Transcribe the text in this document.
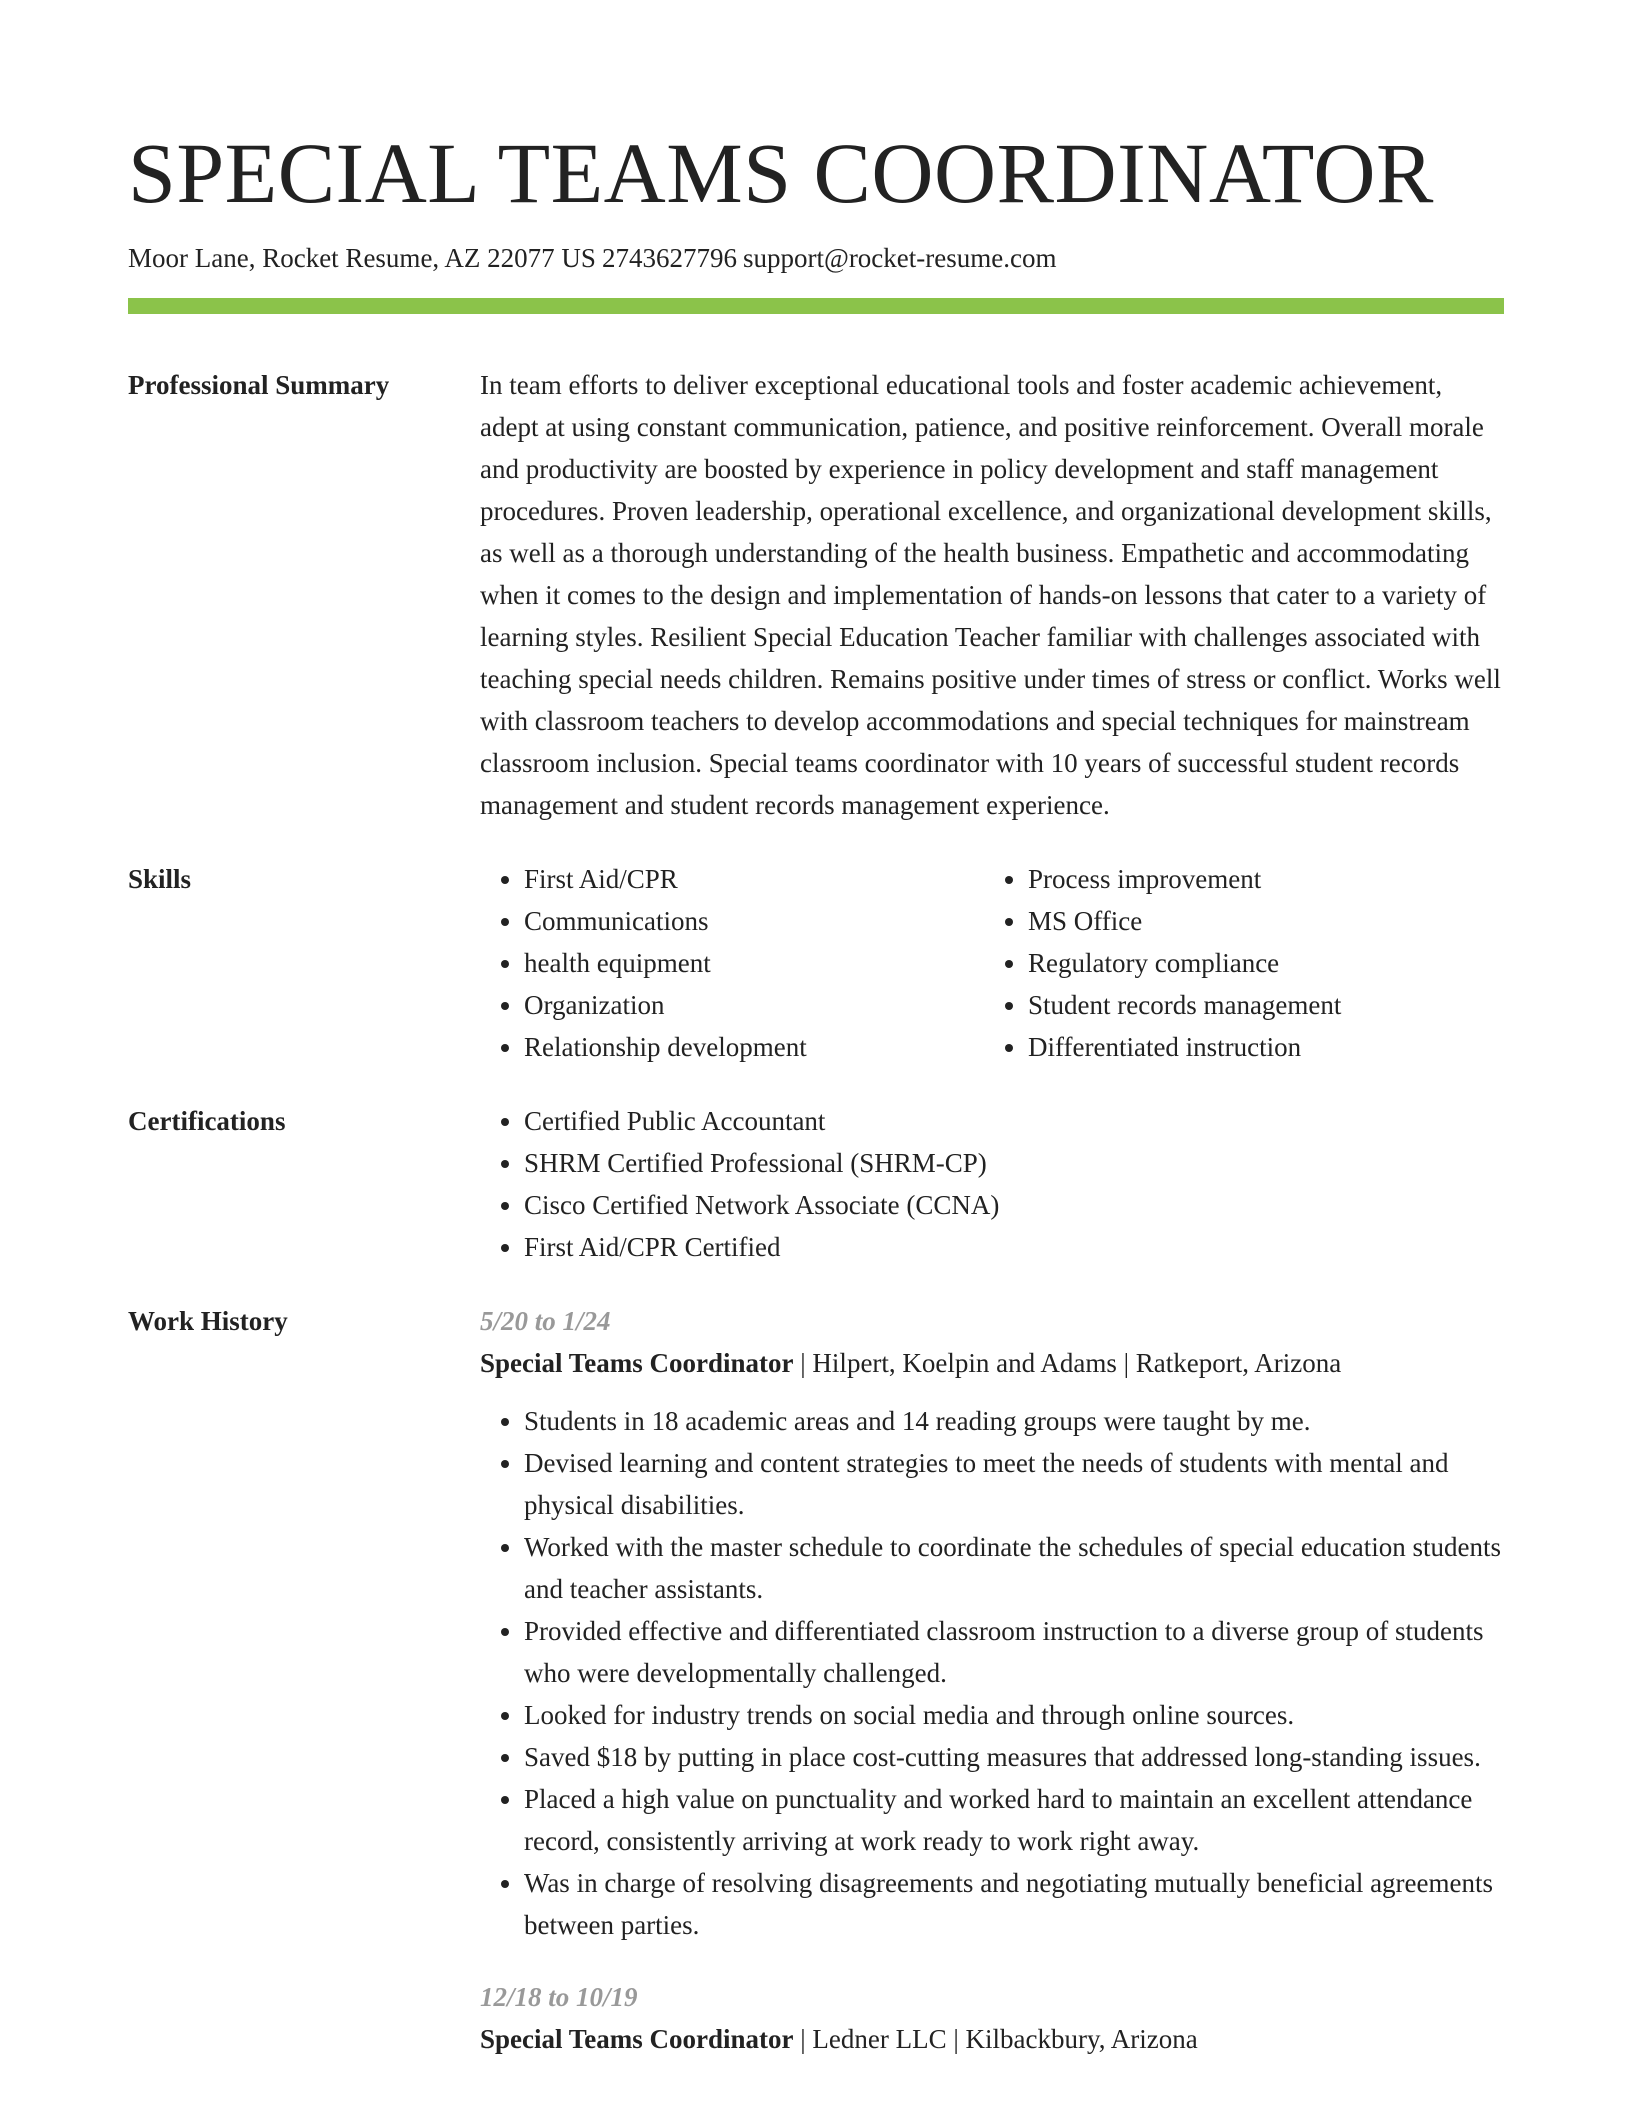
SPECIAL TEAMS COORDINATOR
Moor Lane, Rocket Resume, AZ 22077 US 2743627796 support@rocket-resume.com
Professional Summary	In team efforts to deliver exceptional educational tools and foster academic achievement, adept at using constant communication, patience, and positive reinforcement. Overall morale and productivity are boosted by experience in policy development and staff management procedures. Proven leadership, operational excellence, and organizational development skills, as well as a thorough understanding of the health business. Empathetic and accommodating when it comes to the design and implementation of hands-on lessons that cater to a variety of learning styles. Resilient Special Education Teacher familiar with challenges associated with teaching special needs children. Remains positive under times of stress or conflict. Works well with classroom teachers to develop accommodations and special techniques for mainstream classroom inclusion. Special teams coordinator with 10 years of successful student records management and student records management experience.
Skills	• First Aid/CPR
• Communications
• health equipment
• Organization
• Relationship development
• Process improvement
• MS Office
• Regulatory compliance
• Student records management
• Differentiated instruction
Certifications	• Certified Public Accountant
• SHRM Certified Professional (SHRM-CP)
• Cisco Certified Network Associate (CCNA)
• First Aid/CPR Certified
Work History	5/20 to 1/24
Special Teams Coordinator | Hilpert, Koelpin and Adams | Ratkeport, Arizona
• Students in 18 academic areas and 14 reading groups were taught by me.
• Devised learning and content strategies to meet the needs of students with mental and physical disabilities.
• Worked with the master schedule to coordinate the schedules of special education students and teacher assistants.
• Provided effective and differentiated classroom instruction to a diverse group of students who were developmentally challenged.
• Looked for industry trends on social media and through online sources.
• Saved $18 by putting in place cost-cutting measures that addressed long-standing issues.
• Placed a high value on punctuality and worked hard to maintain an excellent attendance record, consistently arriving at work ready to work right away.
• Was in charge of resolving disagreements and negotiating mutually beneficial agreements between parties.
12/18 to 10/19
Special Teams Coordinator | Ledner LLC | Kilbackbury, Arizona
